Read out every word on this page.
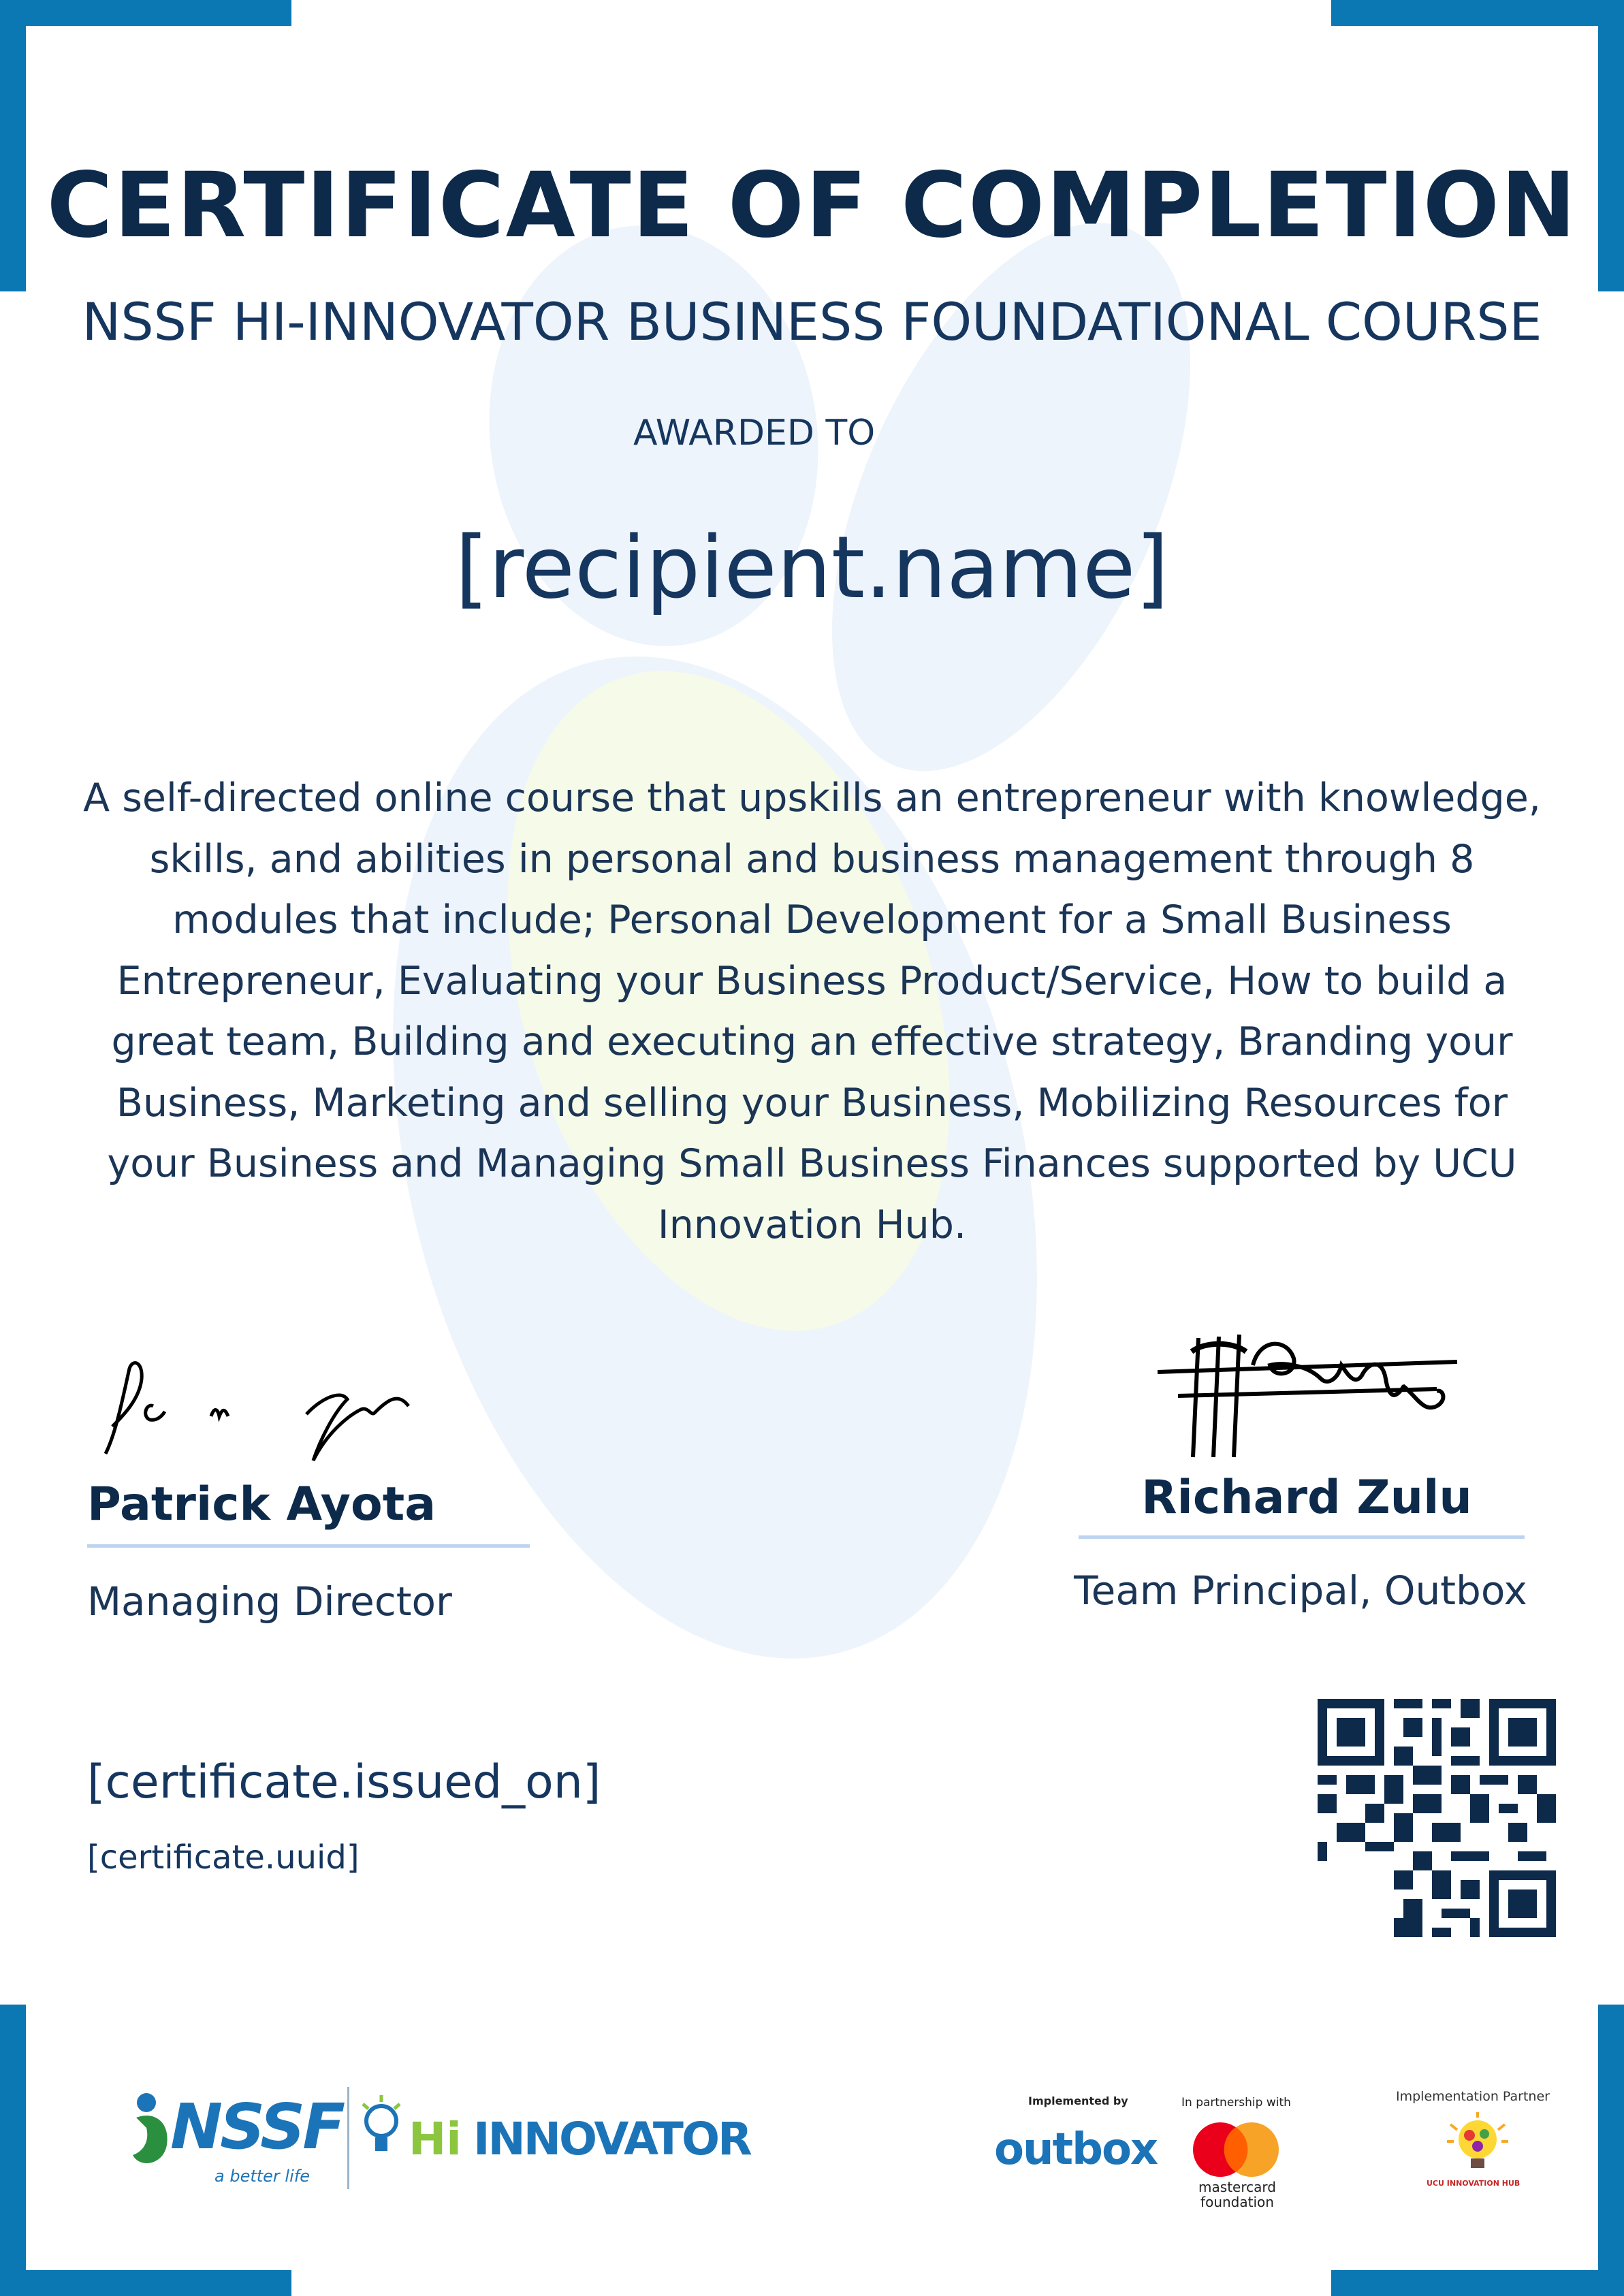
CERTIFICATE OF COMPLETION
NSSF HI-INNOVATOR BUSINESS FOUNDATIONAL COURSE
AWARDED TO
[recipient.name]
A self-directed online course that upskills an entrepreneur with knowledge, skills, and abilities in personal and business management through 8 modules that include; Personal Development for a Small Business Entrepreneur, Evaluating your Business Product/Service, How to build a great team, Building and executing an effective strategy, Branding your Business, Marketing and selling your Business, Mobilizing Resources for your Business and Managing Small Business Finances supported by UCU Innovation Hub.
Patrick Ayota
Managing Director
Richard Zulu
Team Principal, Outbox
[certificate.issued_on]
[certificate.uuid]
NSSF
a better life
Hi INNOVATOR
Implemented by
outbox
In partnership with
mastercard
foundation
Implementation Partner
UCU INNOVATION HUB
